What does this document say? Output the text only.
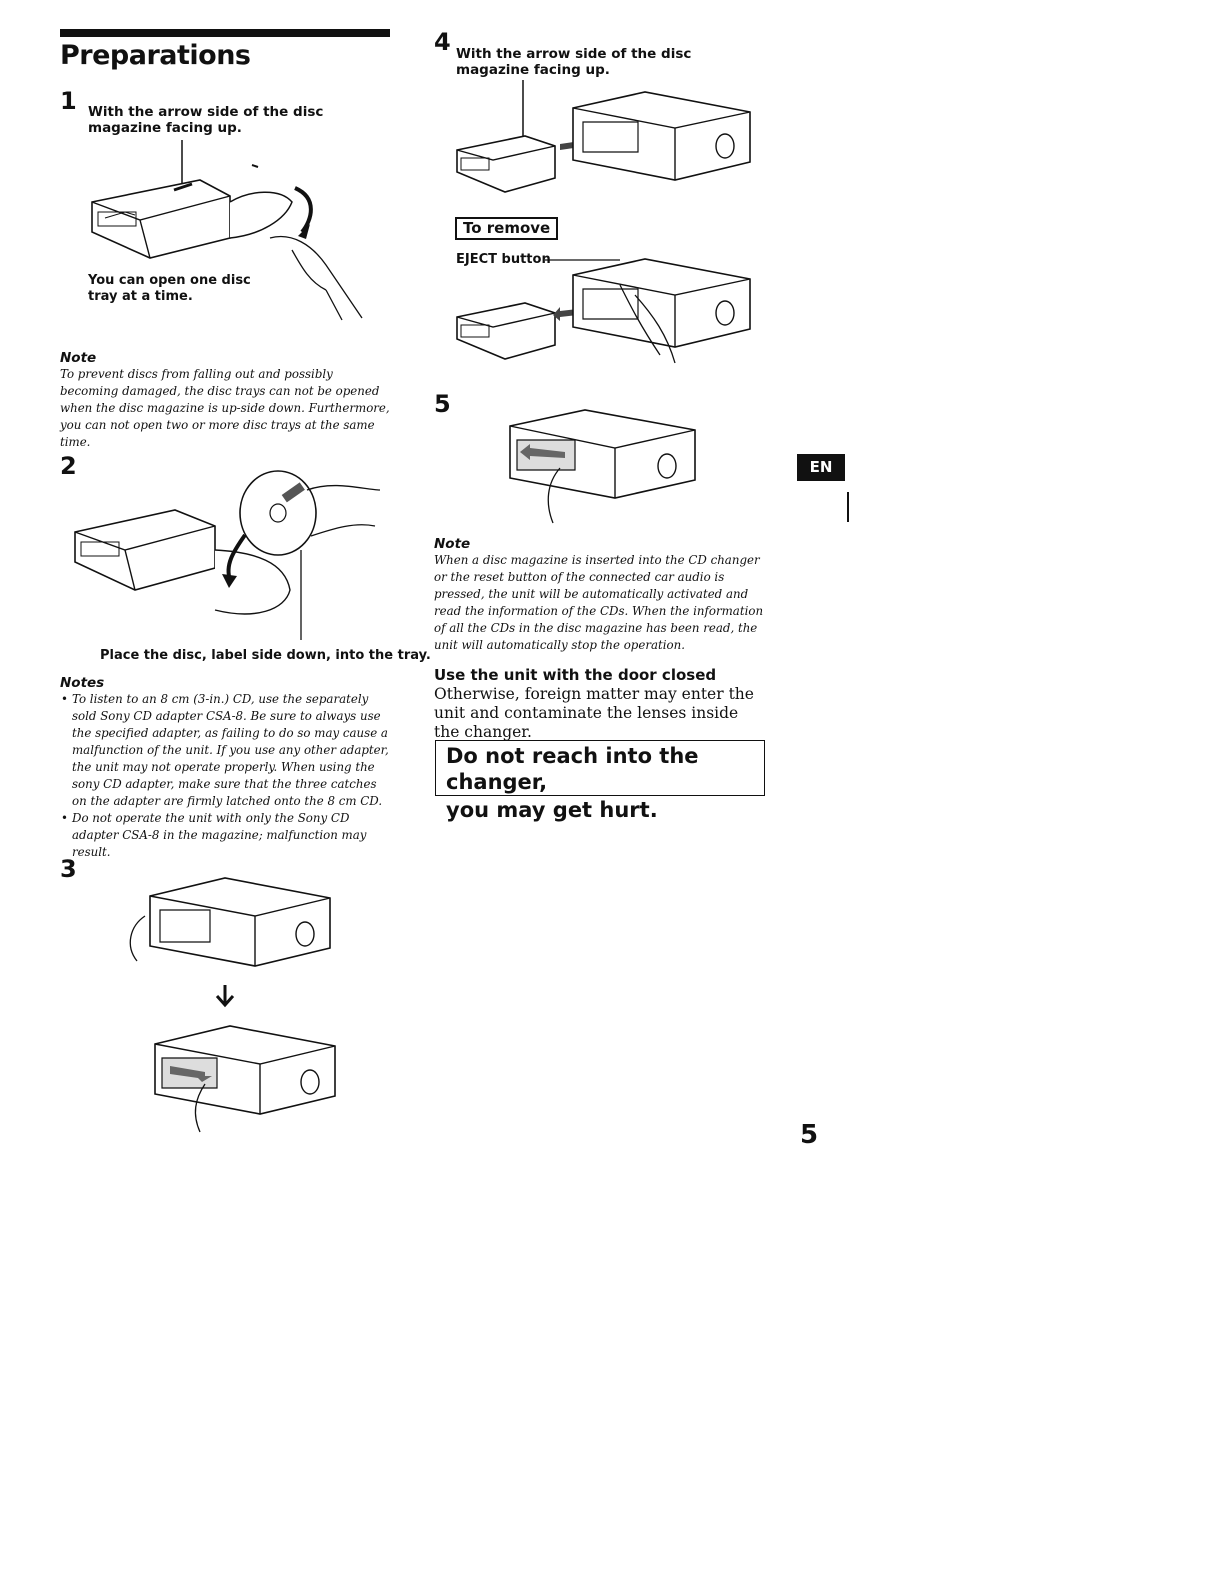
Preparations
1 With the arrow side of the disc magazine facing up.
You can open one disc tray at a time.
Note
To prevent discs from falling out and possibly becoming damaged, the disc trays can not be opened when the disc magazine is up-side down. Furthermore, you can not open two or more disc trays at the same time.
2
Place the disc, label side down, into the tray.
Notes
• To listen to an 8 cm (3-in.) CD, use the separately sold Sony CD adapter CSA-8. Be sure to always use the specified adapter, as failing to do so may cause a malfunction of the unit. If you use any other adapter, the unit may not operate properly. When using the sony CD adapter, make sure that the three catches on the adapter are firmly latched onto the 8 cm CD.
• Do not operate the unit with only the Sony CD adapter CSA-8 in the magazine; malfunction may result.
3
4 With the arrow side of the disc magazine facing up.
To remove
EJECT button
5
Note
When a disc magazine is inserted into the CD changer or the reset button of the connected car audio is pressed, the unit will be automatically activated and read the information of the CDs. When the information of all the CDs in the disc magazine has been read, the unit will automatically stop the operation.
Use the unit with the door closed
Otherwise, foreign matter may enter the unit and contaminate the lenses inside the changer.
Do not reach into the changer,
you may get hurt.
EN
5
